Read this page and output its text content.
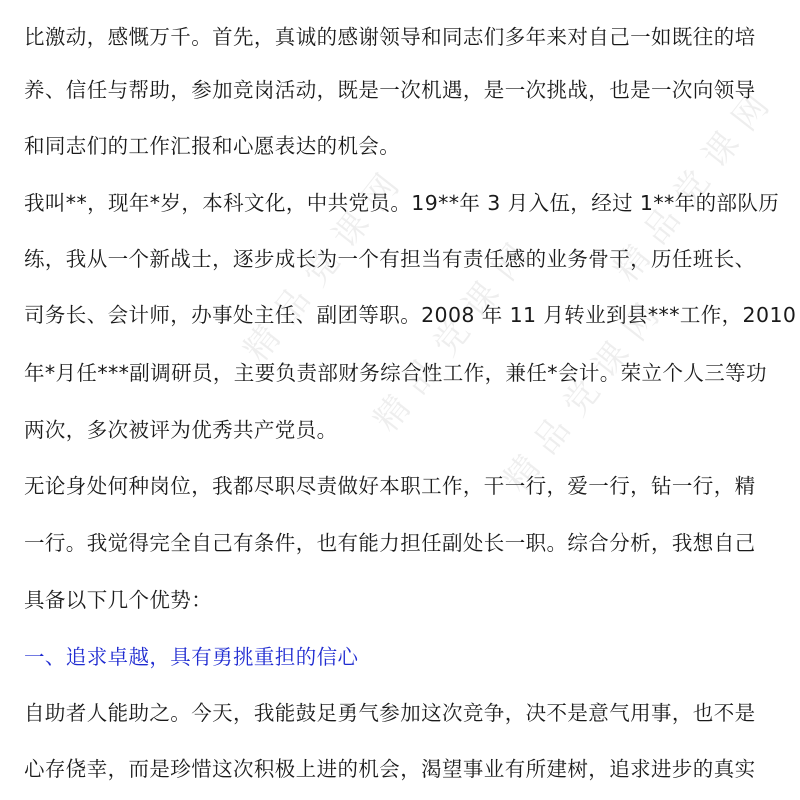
精品党课网
精品党课网
精品党课网
精品党课网
比激动，感慨万千。首先，真诚的感谢领导和同志们多年来对自己一如既往的培
养、信任与帮助，参加竞岗活动，既是一次机遇，是一次挑战，也是一次向领导
和同志们的工作汇报和心愿表达的机会。
我叫**，现年*岁，本科文化，中共党员。19**年 3 月入伍，经过 1**年的部队历
练，我从一个新战士，逐步成长为一个有担当有责任感的业务骨干，历任班长、
司务长、会计师，办事处主任、副团等职。2008 年 11 月转业到县***工作，2010
年*月任***副调研员，主要负责部财务综合性工作，兼任*会计。荣立个人三等功
两次，多次被评为优秀共产党员。
无论身处何种岗位，我都尽职尽责做好本职工作，干一行，爱一行，钻一行，精
一行。我觉得完全自己有条件，也有能力担任副处长一职。综合分析，我想自己
具备以下几个优势：
一、追求卓越，具有勇挑重担的信心
自助者人能助之。今天，我能鼓足勇气参加这次竞争，决不是意气用事，也不是
心存侥幸，而是珍惜这次积极上进的机会，渴望事业有所建树，追求进步的真实
